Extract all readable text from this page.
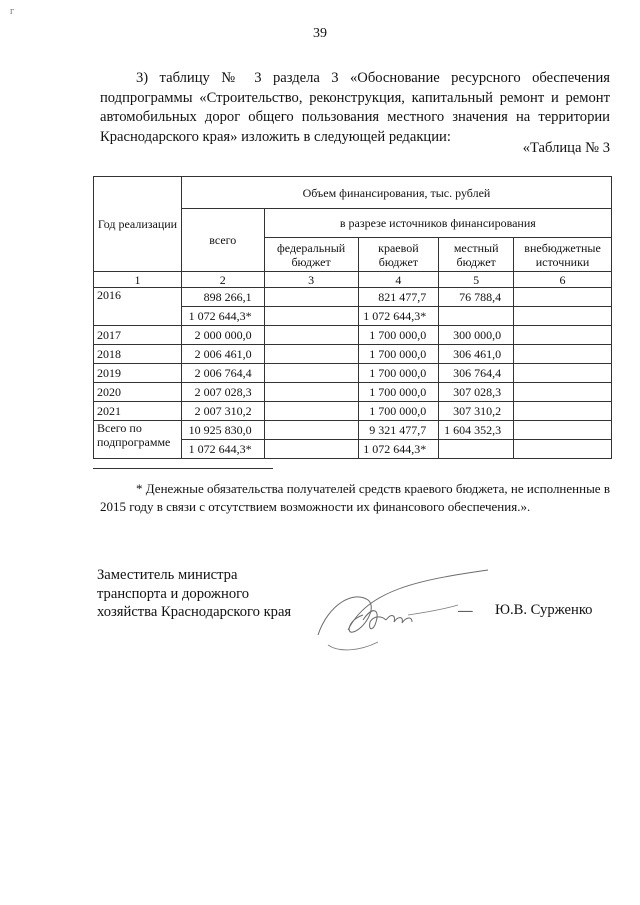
г
39

3) таблицу № 3 раздела 3 «Обоснование ресурсного обеспечения подпрограммы «Строительство, реконструкция, капитальный ремонт и ремонт автомобильных дорог общего пользования местного значения на территории Краснодарского края» изложить в следующей редакции:

«Таблица № 3
Год реализации	Объем финансирования, тыс. рублей				
	всего	в разрезе источников финансирования			
		федеральный бюджет	краевой бюджет	местный бюджет	внебюджетные источники
1	2	3	4	5	6
2016	898 266,1		821 477,7	76 788,4	
	1 072 644,3*		1 072 644,3*		
2017	2 000 000,0		1 700 000,0	300 000,0	
2018	2 006 461,0		1 700 000,0	306 461,0	
2019	2 006 764,4		1 700 000,0	306 764,4	
2020	2 007 028,3		1 700 000,0	307 028,3	
2021	2 007 310,2		1 700 000,0	307 310,2	
Всего по подпрограмме	10 925 830,0		9 321 477,7	1 604 352,3	
	1 072 644,3*		1 072 644,3*		
* Денежные обязательства получателей средств краевого бюджета, не исполненные в 2015 году в связи с отсутствием возможности их финансового обеспечения.».
Заместитель министра
транспорта и дорожного
хозяйства Краснодарского края	— Ю.В. Сурженко
